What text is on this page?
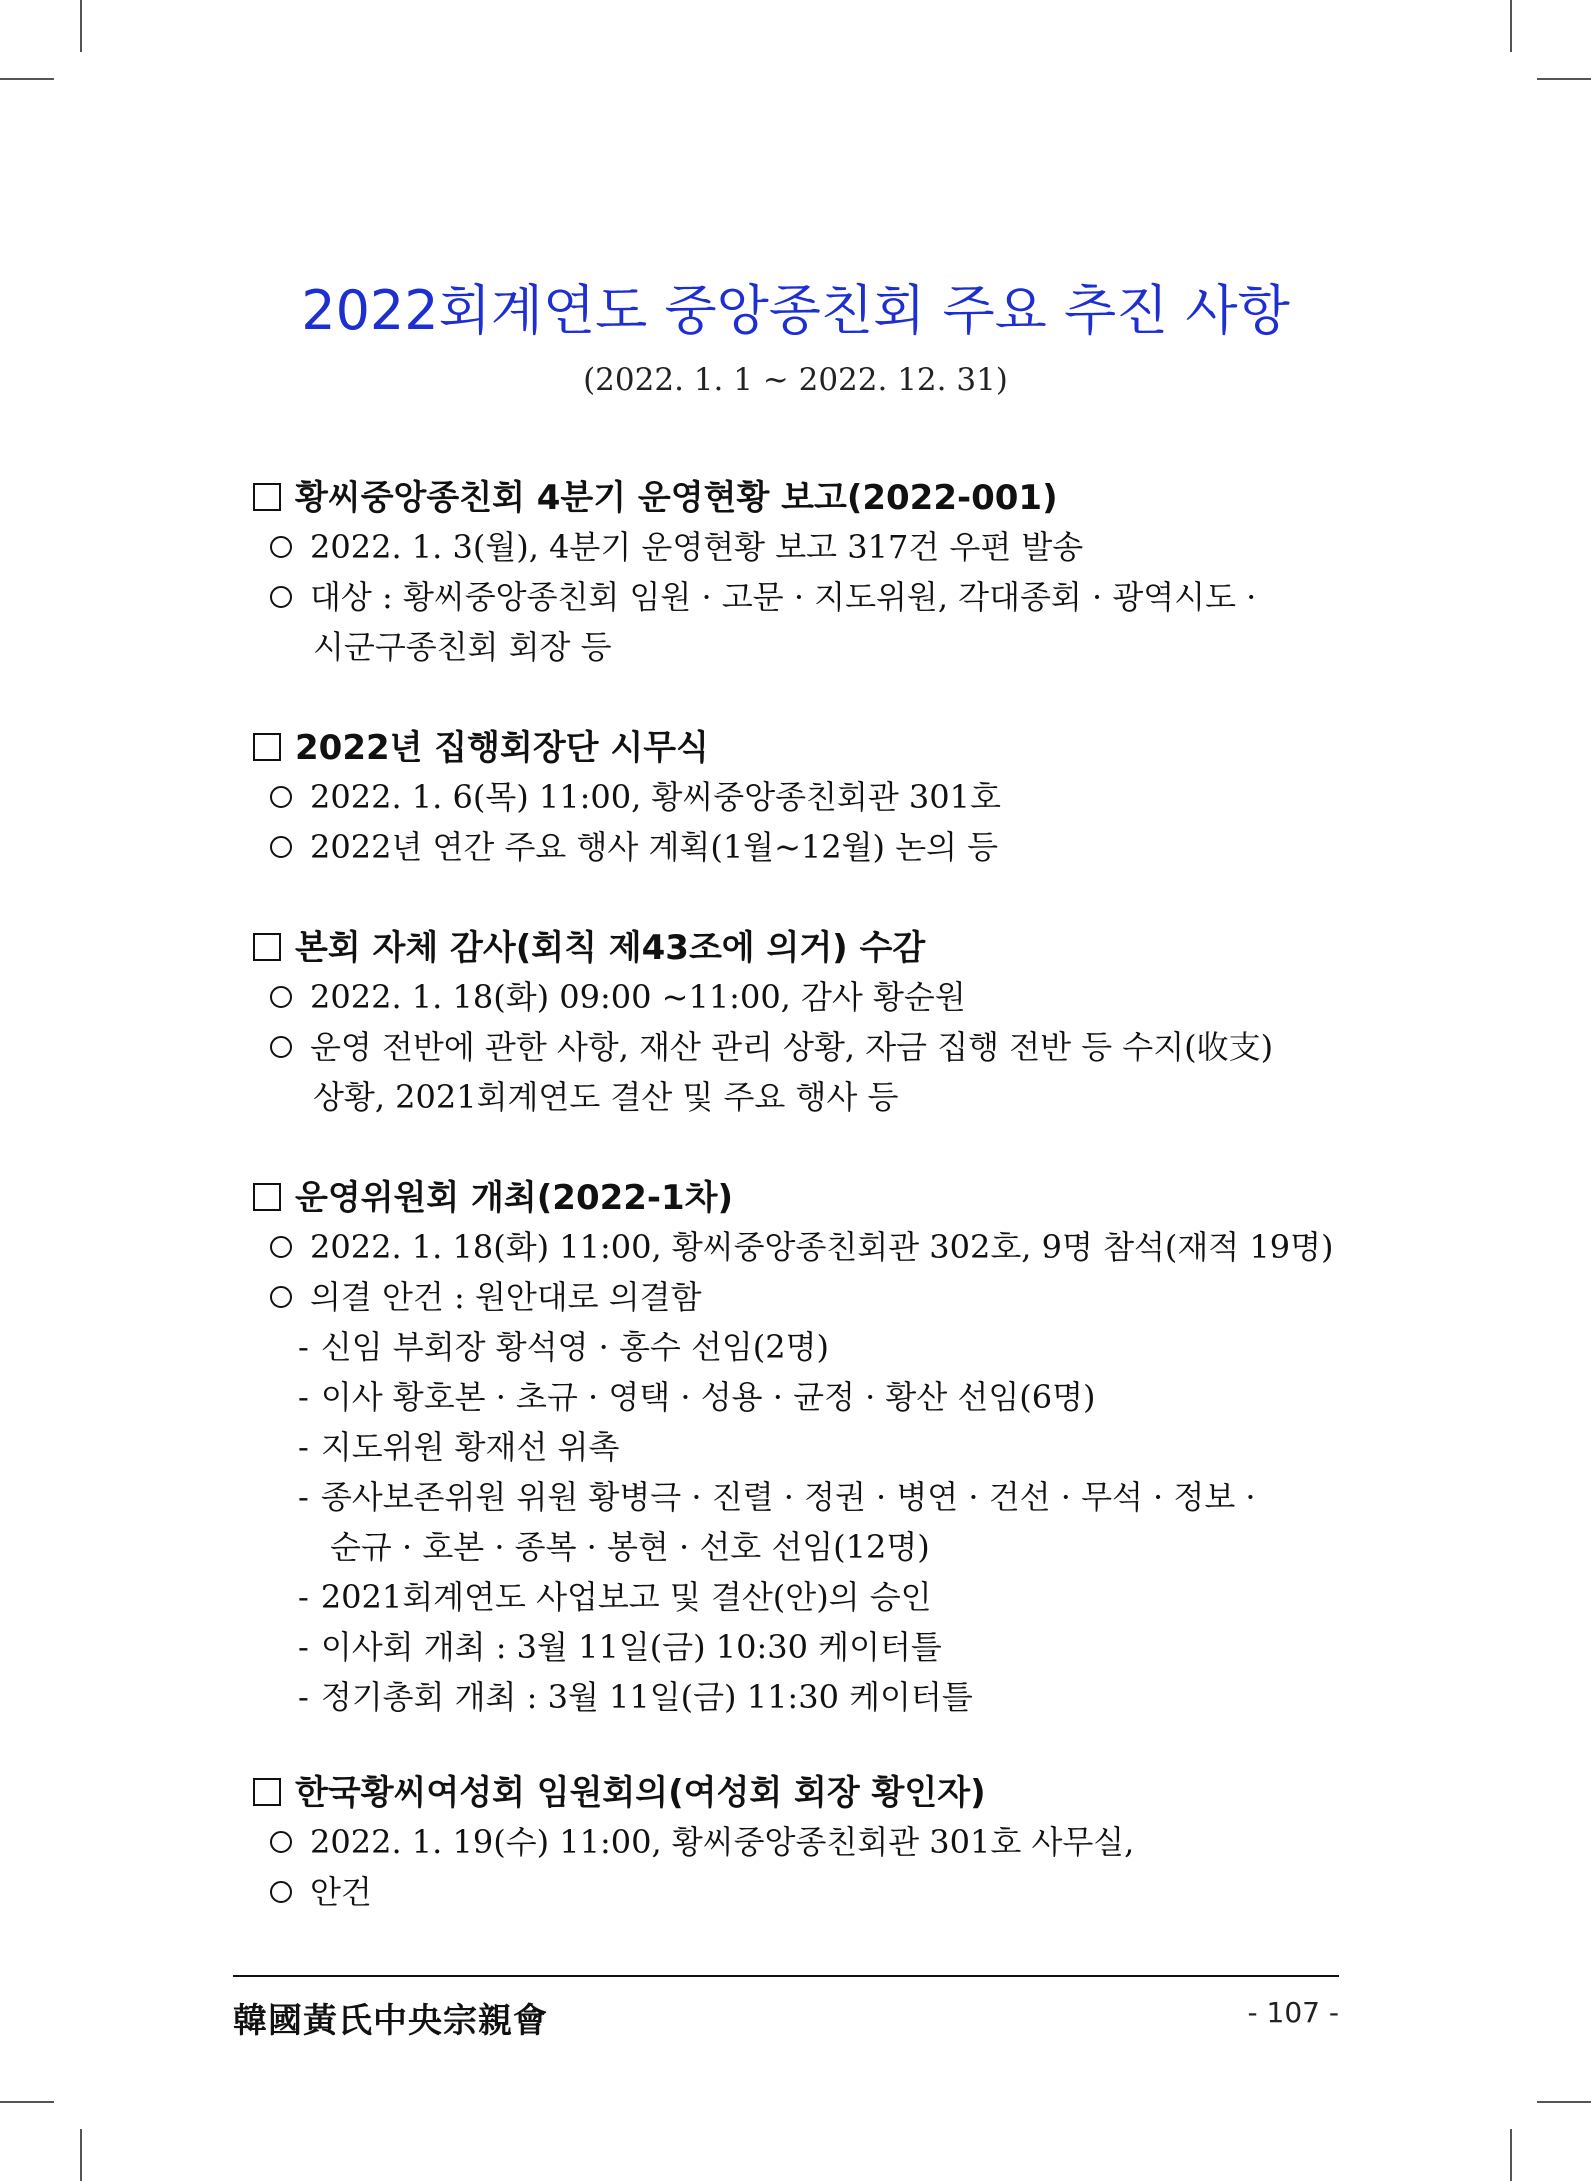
2022회계연도 중앙종친회 주요 추진 사항
(2022. 1. 1 ~ 2022. 12. 31)
황씨중앙종친회 4분기 운영현황 보고(2022-001)
2022. 1. 3(월), 4분기 운영현황 보고 317건 우편 발송
대상 : 황씨중앙종친회 임원 · 고문 · 지도위원, 각대종회 · 광역시도 ·
시군구종친회 회장 등
2022년 집행회장단 시무식
2022. 1. 6(목) 11:00, 황씨중앙종친회관 301호
2022년 연간 주요 행사 계획(1월~12월) 논의 등
본회 자체 감사(회칙 제43조에 의거) 수감
2022. 1. 18(화) 09:00 ~11:00, 감사 황순원
운영 전반에 관한 사항, 재산 관리 상황, 자금 집행 전반 등 수지(收支)
상황, 2021회계연도 결산 및 주요 행사 등
운영위원회 개최(2022-1차)
2022. 1. 18(화) 11:00, 황씨중앙종친회관 302호, 9명 참석(재적 19명)
의결 안건 : 원안대로 의결함
- 신임 부회장 황석영 · 홍수 선임(2명)
- 이사 황호본 · 초규 · 영택 · 성용 · 균정 · 황산 선임(6명)
- 지도위원 황재선 위촉
- 종사보존위원 위원 황병극 · 진렬 · 정권 · 병연 · 건선 · 무석 · 정보 ·
순규 · 호본 · 종복 · 봉현 · 선호 선임(12명)
- 2021회계연도 사업보고 및 결산(안)의 승인
- 이사회 개최 : 3월 11일(금) 10:30 케이터틀
- 정기총회 개최 : 3월 11일(금) 11:30 케이터틀
한국황씨여성회 임원회의(여성회 회장 황인자)
2022. 1. 19(수) 11:00, 황씨중앙종친회관 301호 사무실,
안건
韓國黃氏中央宗親會	- 107 -
